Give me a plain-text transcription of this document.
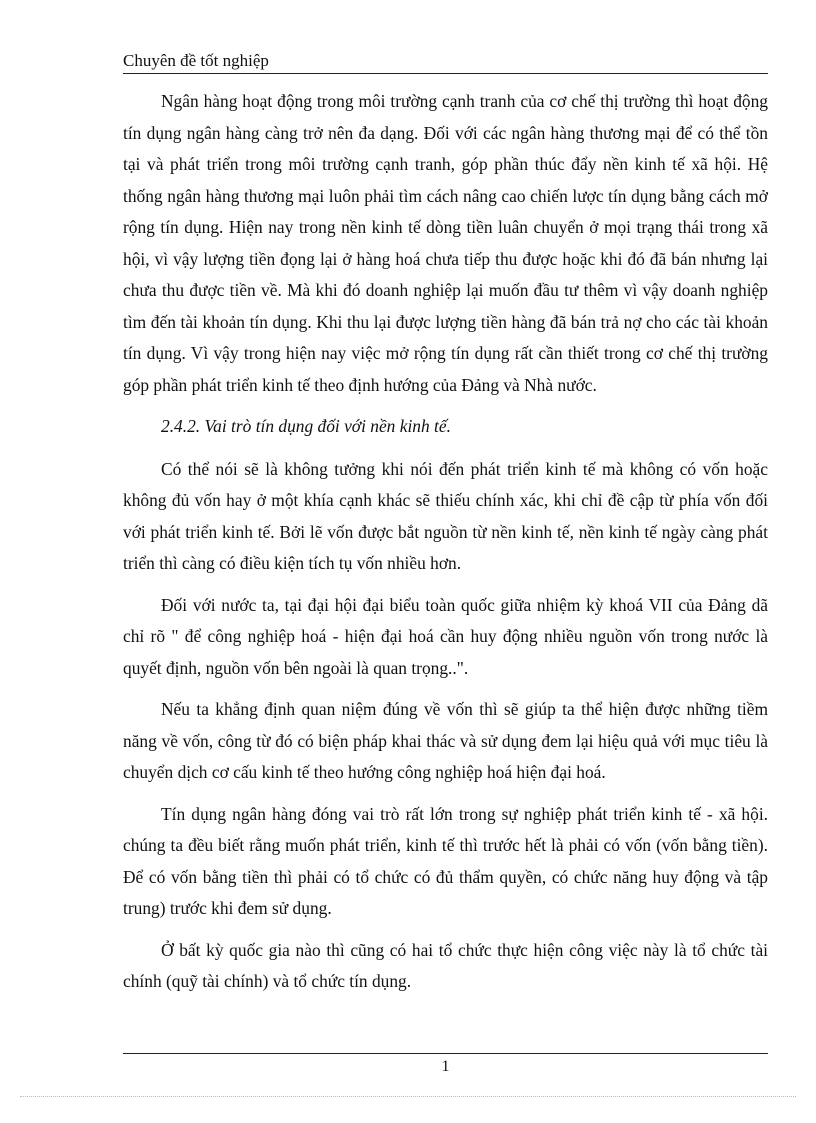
Chuyên đề tốt nghiệp

Ngân hàng hoạt động trong môi trường cạnh tranh của cơ chế thị trường thì hoạt động tín dụng ngân hàng càng trở nên đa dạng. Đối với các ngân hàng thương mại để có thể tồn tại và phát triển trong môi trường cạnh tranh, góp phần thúc đẩy nền kinh tế xã hội. Hệ thống ngân hàng thương mại luôn phải tìm cách nâng cao chiến lược tín dụng bằng cách mở rộng tín dụng. Hiện nay trong nền kinh tế dòng tiền luân chuyển ở mọi trạng thái trong xã hội, vì vậy lượng tiền đọng lại ở hàng hoá chưa tiếp thu được hoặc khi đó đã bán nhưng lại chưa thu được tiền về. Mà khi đó doanh nghiệp lại muốn đầu tư thêm vì vậy doanh nghiệp tìm đến tài khoản tín dụng. Khi thu lại được lượng tiền hàng đã bán trả nợ cho các tài khoản tín dụng. Vì vậy trong hiện nay việc mở rộng tín dụng rất cần thiết trong cơ chế thị trường góp phần phát triển kinh tế theo định hướng của Đảng và Nhà nước.

2.4.2. Vai trò tín dụng đối với nền kinh tế.

Có thể nói sẽ là không tưởng khi nói đến phát triển kinh tế mà không có vốn hoặc không đủ vốn hay ở một khía cạnh khác sẽ thiếu chính xác, khi chỉ đề cập từ phía vốn đối với phát triển kinh tế. Bởi lẽ vốn được bắt nguồn từ nền kinh tế, nền kinh tế ngày càng phát triển thì càng có điều kiện tích tụ vốn nhiều hơn.

Đối với nước ta, tại đại hội đại biểu toàn quốc giữa nhiệm kỳ khoá VII của Đảng dã chỉ rõ " để công nghiệp hoá - hiện đại hoá cần huy động nhiều nguồn vốn trong nước là quyết định, nguồn vốn bên ngoài là quan trọng..".

Nếu ta khẳng định quan niệm đúng về vốn thì sẽ giúp ta thể hiện được những tiềm năng về vốn, công từ đó có biện pháp khai thác và sử dụng đem lại hiệu quả với mục tiêu là chuyển dịch cơ cấu kinh tế theo hướng công nghiệp hoá hiện đại hoá.

Tín dụng ngân hàng đóng vai trò rất lớn trong sự nghiệp phát triển kinh tế - xã hội. chúng ta đều biết rằng muốn phát triển, kinh tế thì trước hết là phải có vốn (vốn bằng tiền). Để có vốn bằng tiền thì phải có tổ chức có đủ thẩm quyền, có chức năng huy động và tập trung) trước khi đem sử dụng.

Ở bất kỳ quốc gia nào thì cũng có hai tổ chức thực hiện công việc này là tổ chức tài chính (quỹ tài chính) và tổ chức tín dụng.

1
